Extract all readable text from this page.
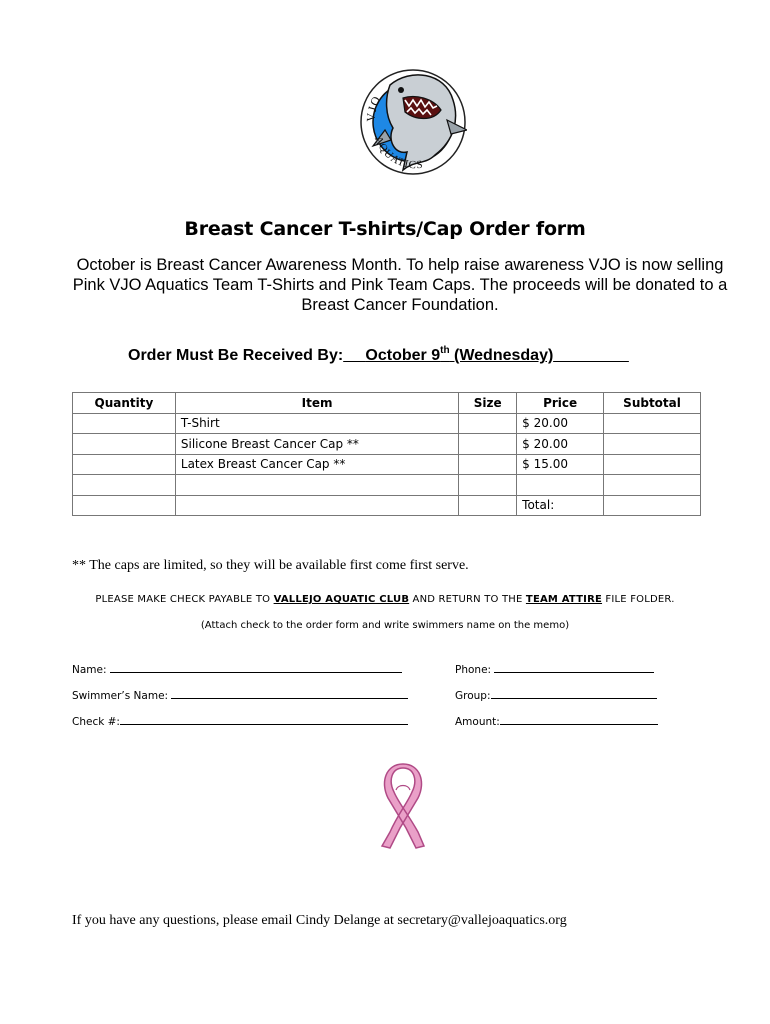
VJO
AQUATICS
Breast Cancer T-shirts/Cap Order form
October is Breast Cancer Awareness Month. To help raise awareness VJO is now selling Pink VJO Aquatics Team T-Shirts and Pink Team Caps. The proceeds will be donated to a Breast Cancer Foundation.
Order Must Be Received By: October 9th (Wednesday)
Quantity	Item	Size	Price	Subtotal
	T-Shirt		$ 20.00	
	Silicone Breast Cancer Cap **		$ 20.00	
	Latex Breast Cancer Cap **		$ 15.00	

			Total:	
** The caps are limited, so they will be available first come first serve.
PLEASE MAKE CHECK PAYABLE TO VALLEJO AQUATIC CLUB AND RETURN TO THE TEAM ATTIRE FILE FOLDER.
(Attach check to the order form and write swimmers name on the memo)
Name:	Phone:
Swimmer’s Name:	Group:
Check #:	Amount:
If you have any questions, please email Cindy Delange at secretary@vallejoaquatics.org
